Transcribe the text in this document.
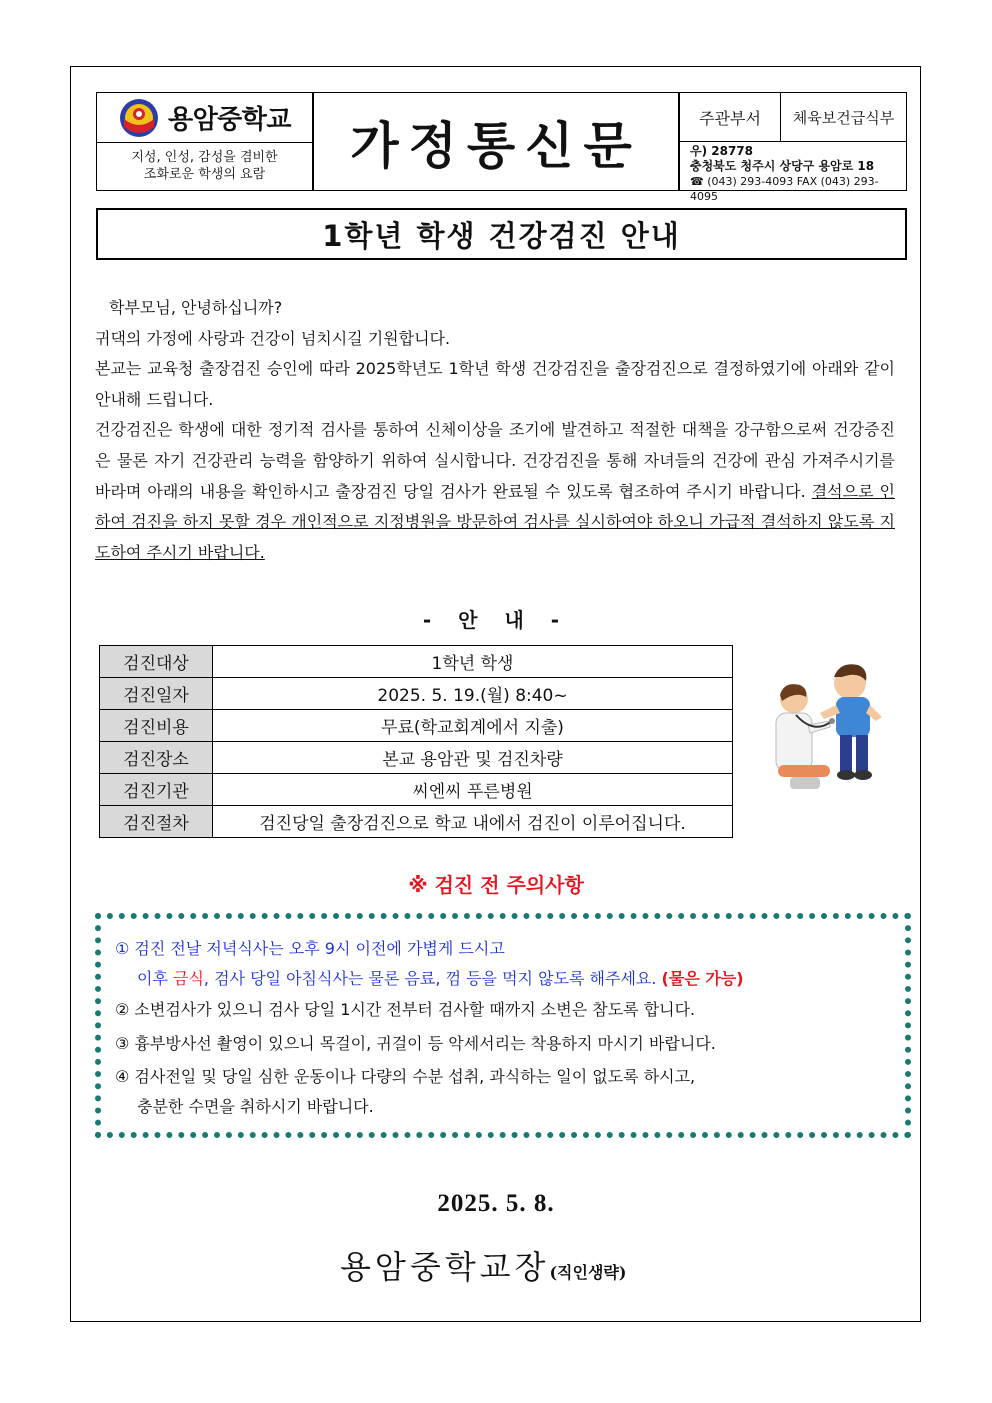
용암중학교
지성, 인성, 감성을 겸비한
조화로운 학생의 요람	가정통신문	주관부서	체육보건급식부
우) 28778
충청북도 청주시 상당구 용암로 18
☎ (043) 293-4093 FAX (043) 293-4095
1학년 학생 건강검진 안내

학부모님, 안녕하십니까?

귀댁의 가정에 사랑과 건강이 넘치시길 기원합니다.

본교는 교육청 출장검진 승인에 따라 2025학년도 1학년 학생 건강검진을 출장검진으로 결정하였기에 아래와 같이 안내해 드립니다.

건강검진은 학생에 대한 정기적 검사를 통하여 신체이상을 조기에 발견하고 적절한 대책을 강구함으로써 건강증진은 물론 자기 건강관리 능력을 함양하기 위하여 실시합니다. 건강검진을 통해 자녀들의 건강에 관심 가져주시기를 바라며 아래의 내용을 확인하시고 출장검진 당일 검사가 완료될 수 있도록 협조하여 주시기 바랍니다. 결석으로 인하여 검진을 하지 못할 경우 개인적으로 지정병원을 방문하여 검사를 실시하여야 하오니 가급적 결석하지 않도록 지도하여 주시기 바랍니다.

- 안 내 -
검진대상	1학년 학생
검진일자	2025. 5. 19.(월) 8:40~
검진비용	무료(학교회계에서 지출)
검진장소	본교 용암관 및 검진차량
검진기관	씨엔씨 푸른병원
검진절차	검진당일 출장검진으로 학교 내에서 검진이 이루어집니다.
※ 검진 전 주의사항
① 검진 전날 저녁식사는 오후 9시 이전에 가볍게 드시고
이후 금식, 검사 당일 아침식사는 물론 음료, 껌 등을 먹지 않도록 해주세요. (물은 가능)
② 소변검사가 있으니 검사 당일 1시간 전부터 검사할 때까지 소변은 참도록 합니다.
③ 흉부방사선 촬영이 있으니 목걸이, 귀걸이 등 악세서리는 착용하지 마시기 바랍니다.
④ 검사전일 및 당일 심한 운동이나 다량의 수분 섭취, 과식하는 일이 없도록 하시고,
충분한 수면을 취하시기 바랍니다.
2025. 5. 8.
용암중학교장(직인생략)
